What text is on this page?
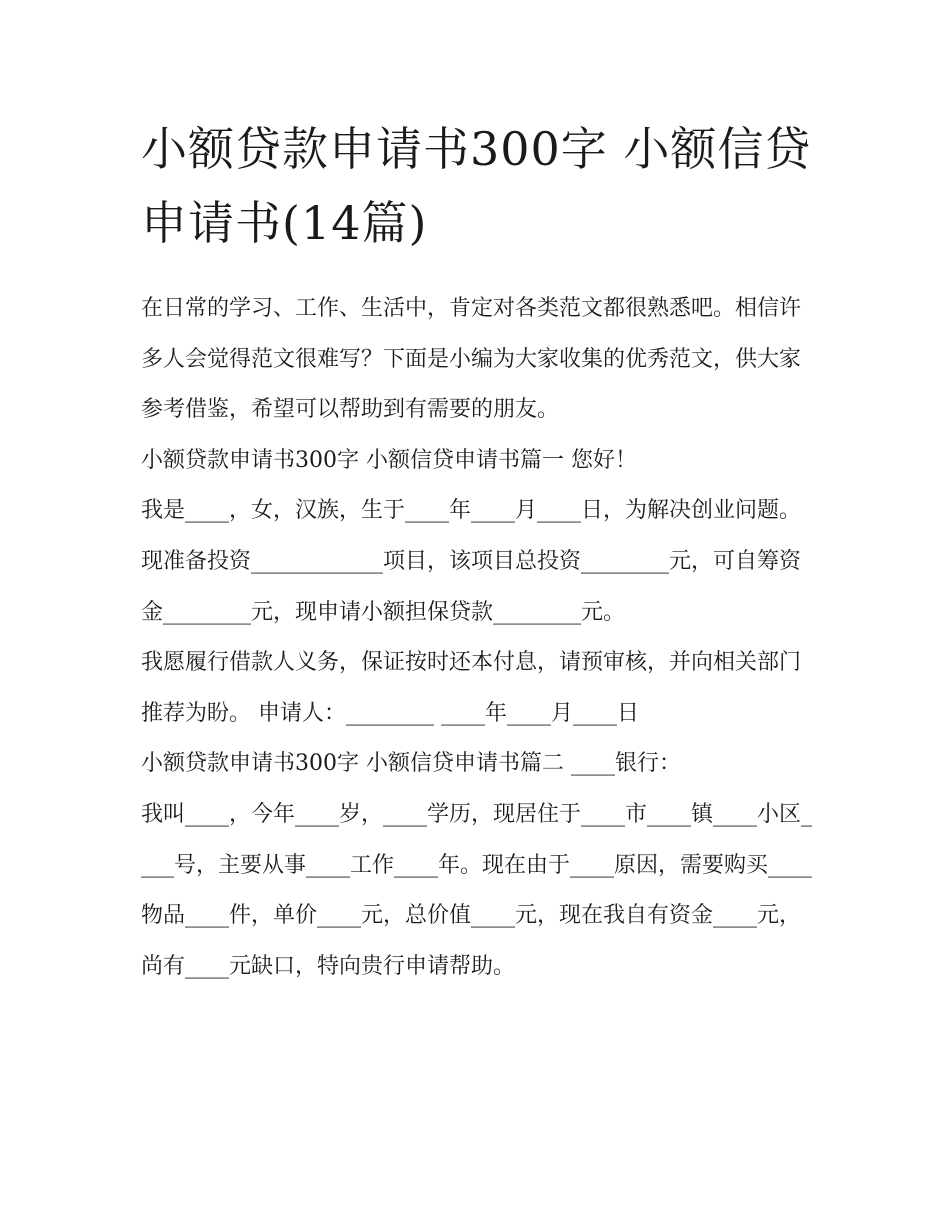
小额贷款申请书300字 小额信贷申请书(14篇)

在日常的学习、工作、生活中，肯定对各类范文都很熟悉吧。相信许多人会觉得范文很难写？下面是小编为大家收集的优秀范文，供大家参考借鉴，希望可以帮助到有需要的朋友。

小额贷款申请书300字 小额信贷申请书篇一 您好！

我是____，女，汉族，生于____年____月____日，为解决创业问题。现准备投资____________项目，该项目总投资________元，可自筹资金________元，现申请小额担保贷款________元。

我愿履行借款人义务，保证按时还本付息，请预审核，并向相关部门推荐为盼。 申请人：________ ____年____月____日

小额贷款申请书300字 小额信贷申请书篇二 ____银行：

我叫____，今年____岁，____学历，现居住于____市____镇____小区____号，主要从事____工作____年。现在由于____原因，需要购买____物品____件，单价____元，总价值____元，现在我自有资金____元，尚有____元缺口，特向贵行申请帮助。
